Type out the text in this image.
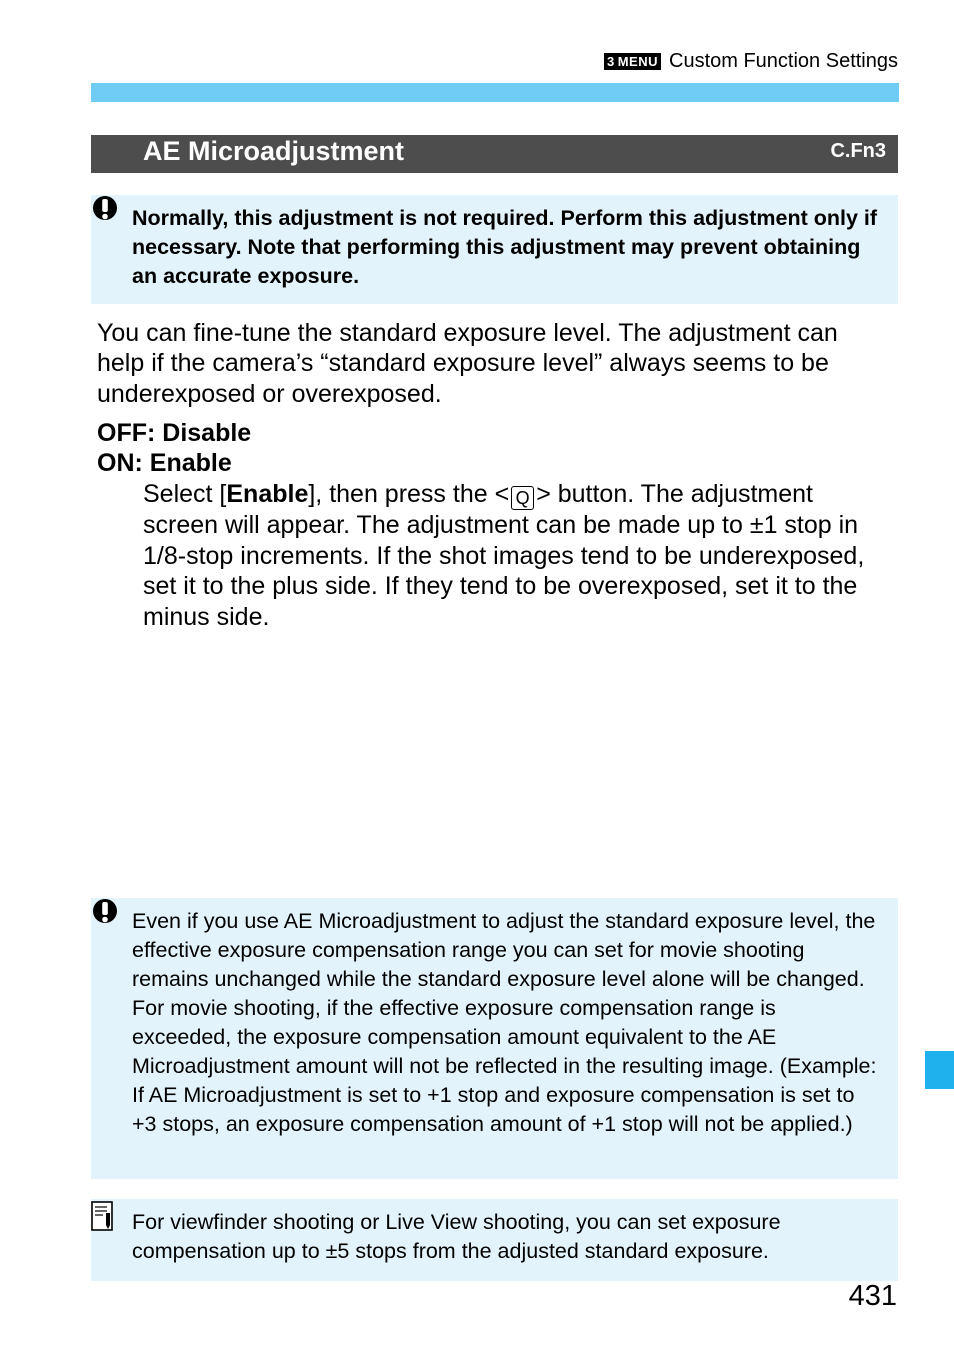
3 MENU Custom Function Settings
AE Microadjustment	C.Fn3
Normally, this adjustment is not required. Perform this adjustment only if necessary. Note that performing this adjustment may prevent obtaining an accurate exposure.
You can fine-tune the standard exposure level. The adjustment can help if the camera’s “standard exposure level” always seems to be underexposed or overexposed.
OFF: Disable
ON: Enable
Select [Enable], then press the < Q > button. The adjustment screen will appear. The adjustment can be made up to ±1 stop in 1/8-stop increments. If the shot images tend to be underexposed, set it to the plus side. If they tend to be overexposed, set it to the minus side.
Even if you use AE Microadjustment to adjust the standard exposure level, the effective exposure compensation range you can set for movie shooting remains unchanged while the standard exposure level alone will be changed. For movie shooting, if the effective exposure compensation range is exceeded, the exposure compensation amount equivalent to the AE Microadjustment amount will not be reflected in the resulting image. (Example: If AE Microadjustment is set to +1 stop and exposure compensation is set to +3 stops, an exposure compensation amount of +1 stop will not be applied.)
For viewfinder shooting or Live View shooting, you can set exposure compensation up to ±5 stops from the adjusted standard exposure.
431
